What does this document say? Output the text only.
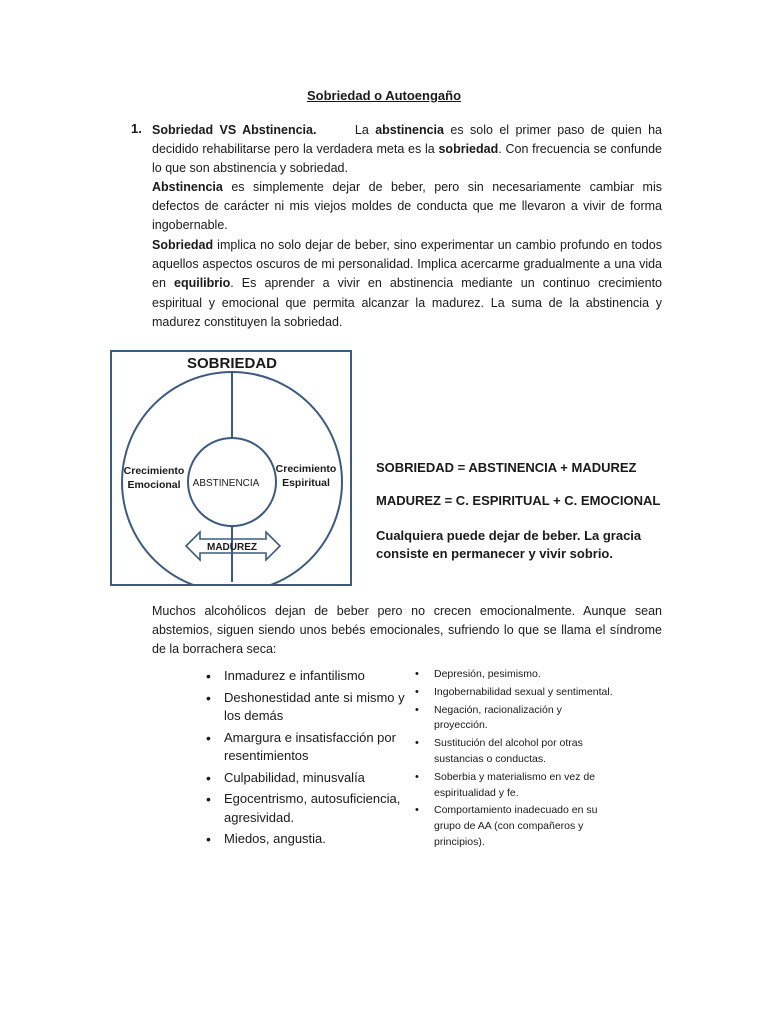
Sobriedad o Autoengaño
1. Sobriedad VS Abstinencia.	La abstinencia es solo el primer paso de quien ha decidido rehabilitarse pero la verdadera meta es la sobriedad. Con frecuencia se confunde lo que son abstinencia y sobriedad.
Abstinencia es simplemente dejar de beber, pero sin necesariamente cambiar mis defectos de carácter ni mis viejos moldes de conducta que me llevaron a vivir de forma ingobernable.
Sobriedad implica no solo dejar de beber, sino experimentar un cambio profundo en todos aquellos aspectos oscuros de mi personalidad. Implica acercarme gradualmente a una vida en equilibrio. Es aprender a vivir en abstinencia mediante un continuo crecimiento espiritual y emocional que permita alcanzar la madurez. La suma de la abstinencia y madurez constituyen la sobriedad.
SOBRIEDAD
Crecimiento
Emocional ABSTINENCIA
Crecimiento
Espiritual
MADUREZ
SOBRIEDAD = ABSTINENCIA + MADUREZ
MADUREZ = C. ESPIRITUAL + C. EMOCIONAL
Cualquiera puede dejar de beber. La gracia consiste en permanecer y vivir sobrio.
Muchos alcohólicos dejan de beber pero no crecen emocionalmente. Aunque sean abstemios, siguen siendo unos bebés emocionales, sufriendo lo que se llama el síndrome de la borrachera seca:
• Inmadurez e infantilismo
• Deshonestidad ante si mismo y los demás
• Amargura e insatisfacción por resentimientos
• Culpabilidad, minusvalía
• Egocentrismo, autosuficiencia, agresividad.
• Miedos, angustia.
• Depresión, pesimismo.
• Ingobernabilidad sexual y sentimental.
• Negación, racionalización y proyección.
• Sustitución del alcohol por otras sustancias o conductas.
• Soberbia y materialismo en vez de espiritualidad y fe.
• Comportamiento inadecuado en su grupo de AA (con compañeros y principios).
